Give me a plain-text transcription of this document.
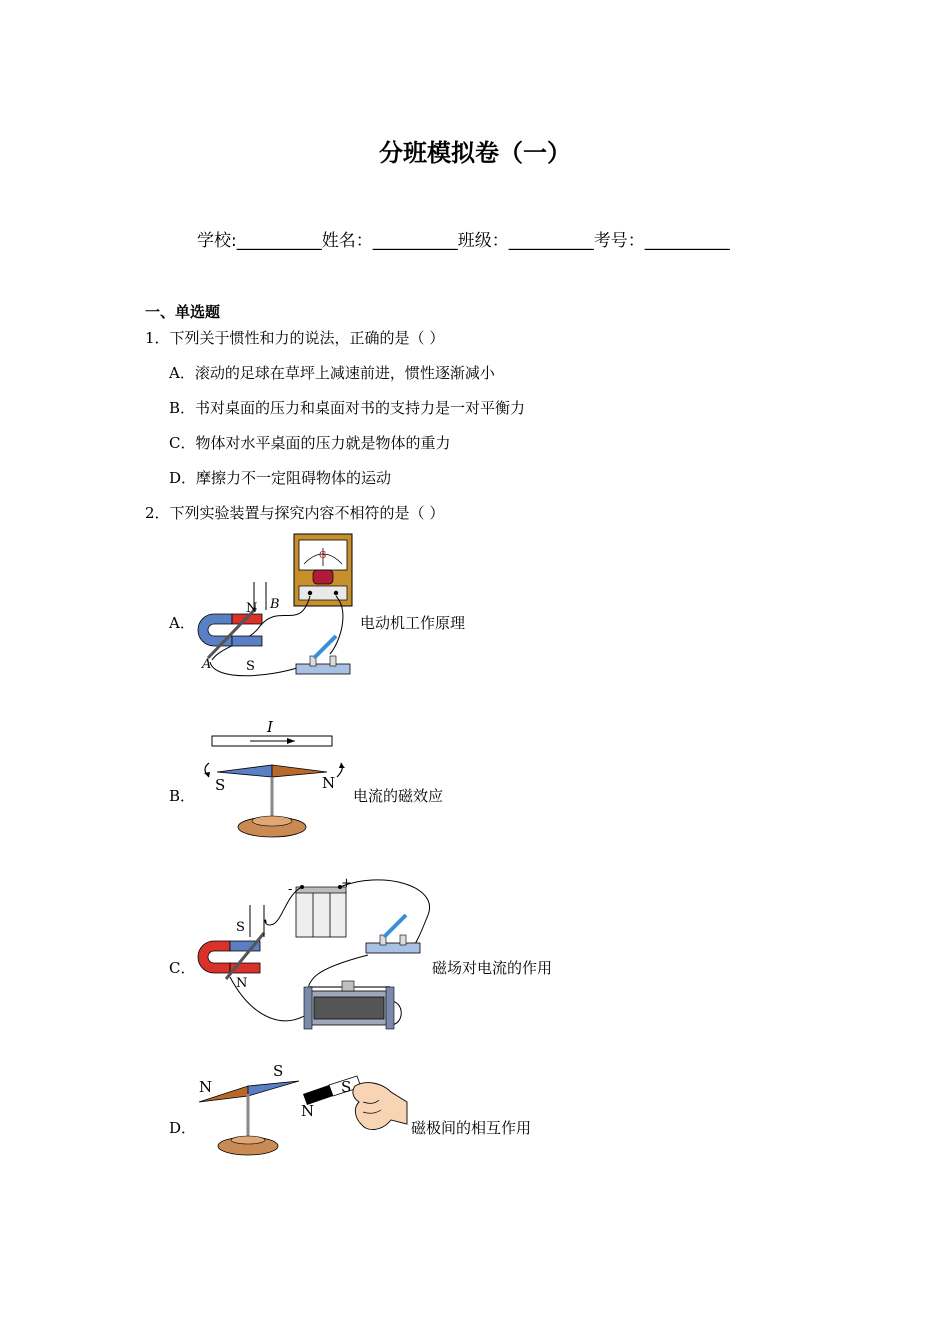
分班模拟卷（一）
学校:__________姓名：__________班级：__________考号：__________
一、单选题
1．下列关于惯性和力的说法，正确的是（ ）
A．滚动的足球在草坪上减速前进，惯性逐渐减小
B．书对桌面的压力和桌面对书的支持力是一对平衡力
C．物体对水平桌面的压力就是物体的重力
D．摩擦力不一定阻碍物体的运动
2．下列实验装置与探究内容不相符的是（ ）
A．	电动机工作原理
G
N B
A	S
B．	电流的磁效应
I
S	N
C．	磁场对电流的作用
-	+
S
N
D．	磁极间的相互作用
N
S
N
S
